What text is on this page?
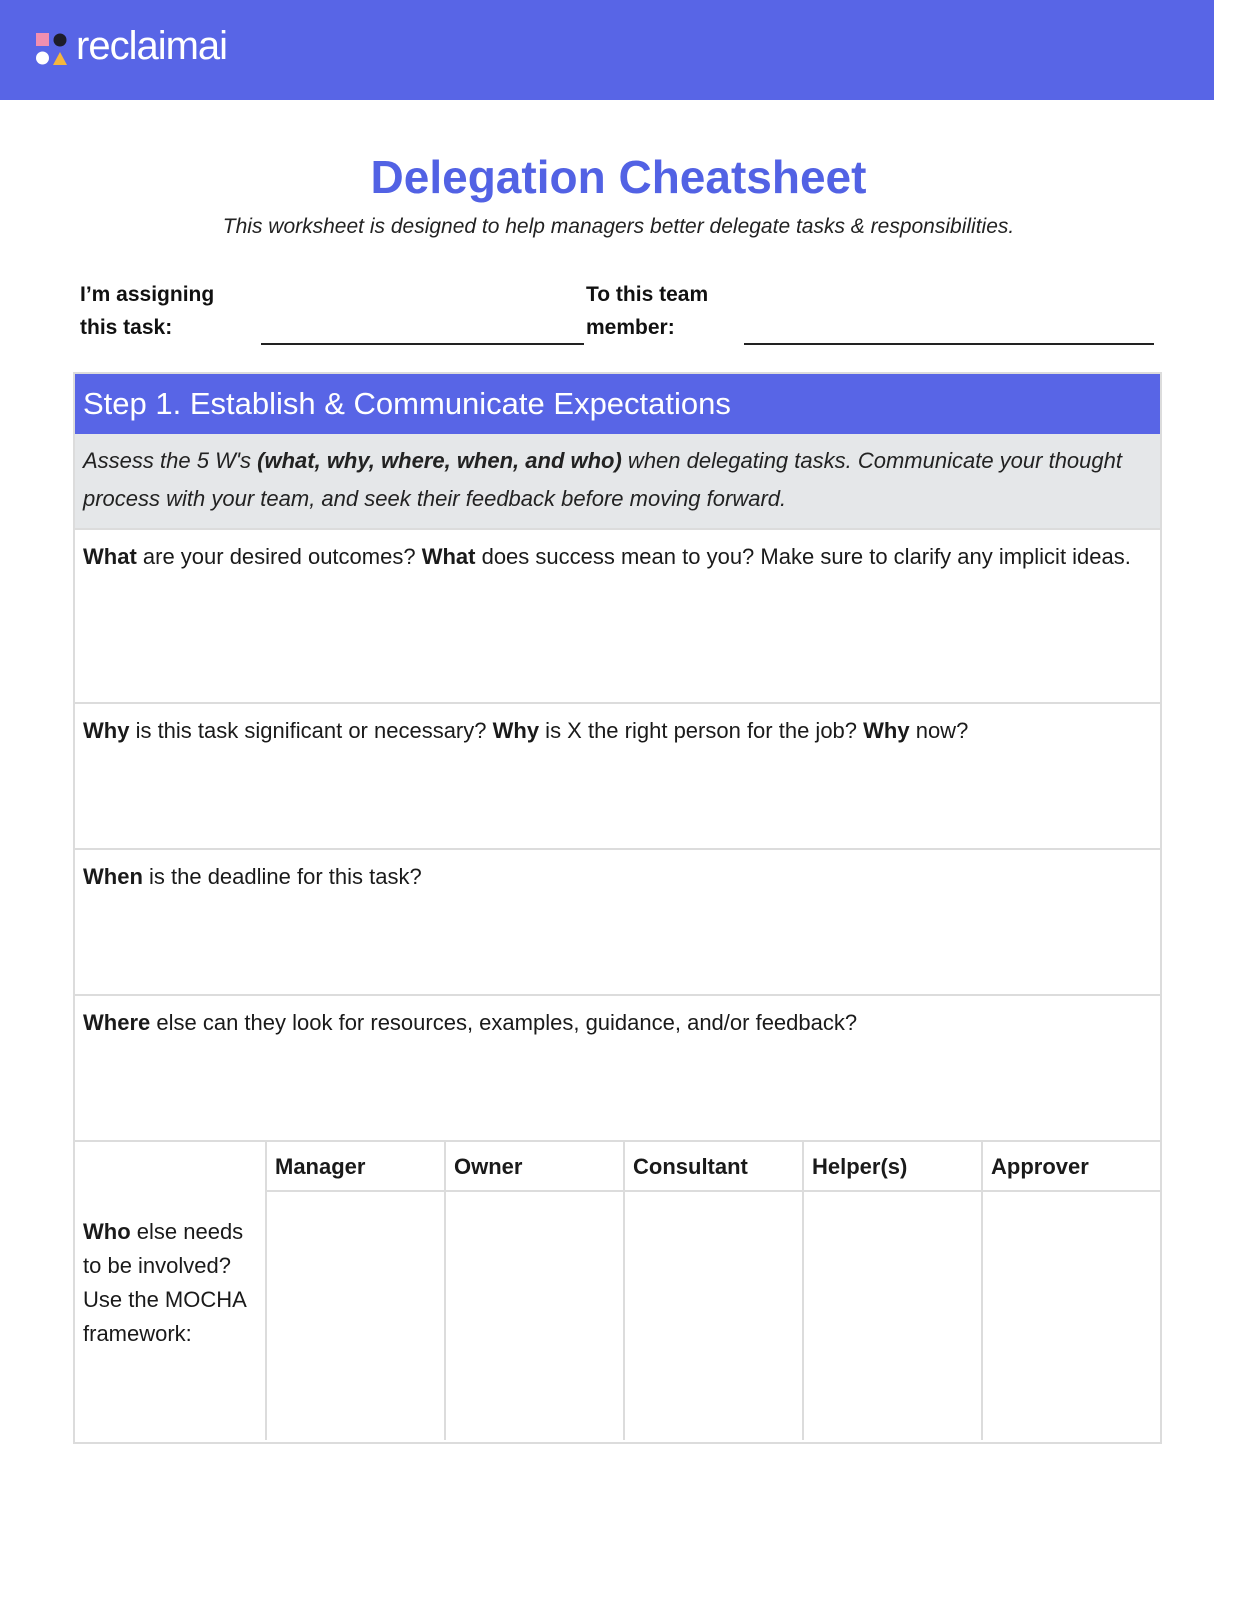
reclaimai
Delegation Cheatsheet

This worksheet is designed to help managers better delegate tasks & responsibilities.

I’m assigning
this task:
To this team
member:
Step 1. Establish & Communicate Expectations
Assess the 5 W's (what, why, where, when, and who) when delegating tasks. Communicate your thought process with your team, and seek their feedback before moving forward.
What are your desired outcomes? What does success mean to you? Make sure to clarify any implicit ideas.
Why is this task significant or necessary? Why is X the right person for the job? Why now?
When is the deadline for this task?
Where else can they look for resources, examples, guidance, and/or feedback?
Who else needs to be involved? Use the MOCHA framework:
Manager	Owner	Consultant	Helper(s)	Approver
